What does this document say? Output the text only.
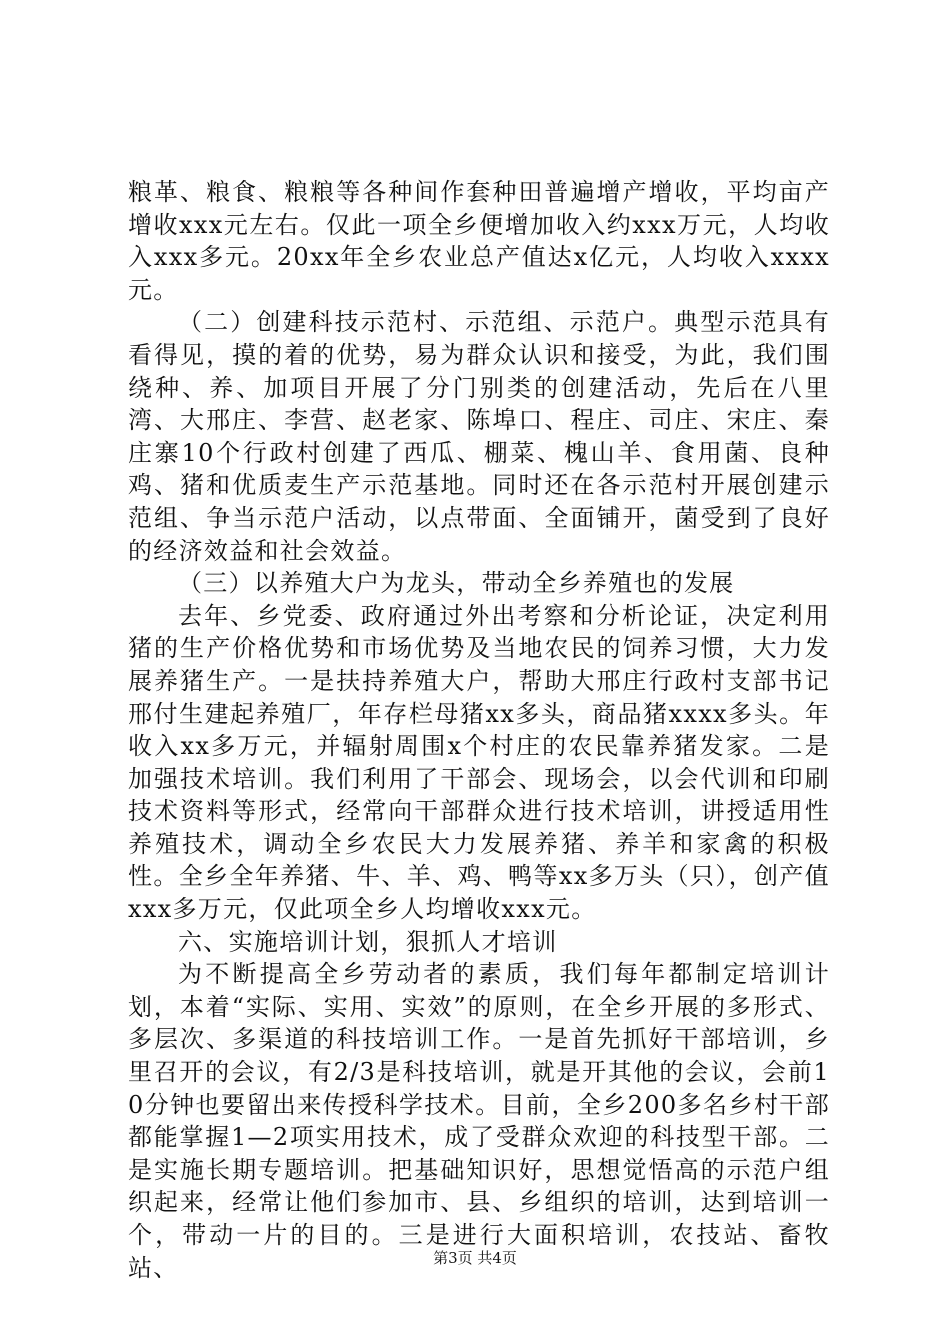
粮革、粮食、粮粮等各种间作套种田普遍增产增收，平均亩产增收xxx元左右。仅此一项全乡便增加收入约xxx万元，人均收入xxx多元。20xx年全乡农业总产值达x亿元，人均收入xxxx元。

（二）创建科技示范村、示范组、示范户。典型示范具有看得见，摸的着的优势，易为群众认识和接受，为此，我们围绕种、养、加项目开展了分门别类的创建活动，先后在八里湾、大邢庄、李营、赵老家、陈埠口、程庄、司庄、宋庄、秦庄寨10个行政村创建了西瓜、棚菜、槐山羊、食用菌、良种鸡、猪和优质麦生产示范基地。同时还在各示范村开展创建示范组、争当示范户活动，以点带面、全面铺开，菌受到了良好的经济效益和社会效益。

（三）以养殖大户为龙头，带动全乡养殖也的发展

去年、乡党委、政府通过外出考察和分析论证，决定利用猪的生产价格优势和市场优势及当地农民的饲养习惯，大力发展养猪生产。一是扶持养殖大户，帮助大邢庄行政村支部书记邢付生建起养殖厂，年存栏母猪xx多头，商品猪xxxx多头。年收入xx多万元，并辐射周围x个村庄的农民靠养猪发家。二是加强技术培训。我们利用了干部会、现场会，以会代训和印刷技术资料等形式，经常向干部群众进行技术培训，讲授适用性养殖技术，调动全乡农民大力发展养猪、养羊和家禽的积极性。全乡全年养猪、牛、羊、鸡、鸭等xx多万头（只），创产值xxx多万元，仅此项全乡人均增收xxx元。

六、实施培训计划，狠抓人才培训

为不断提高全乡劳动者的素质，我们每年都制定培训计划，本着“实际、实用、实效”的原则，在全乡开展的多形式、多层次、多渠道的科技培训工作。一是首先抓好干部培训，乡里召开的会议，有2/3是科技培训，就是开其他的会议，会前10分钟也要留出来传授科学技术。目前，全乡200多名乡村干部都能掌握1—2项实用技术，成了受群众欢迎的科技型干部。二是实施长期专题培训。把基础知识好，思想觉悟高的示范户组织起来，经常让他们参加市、县、乡组织的培训，达到培训一个，带动一片的目的。三是进行大面积培训，农技站、畜牧站、	第3页 共4页
